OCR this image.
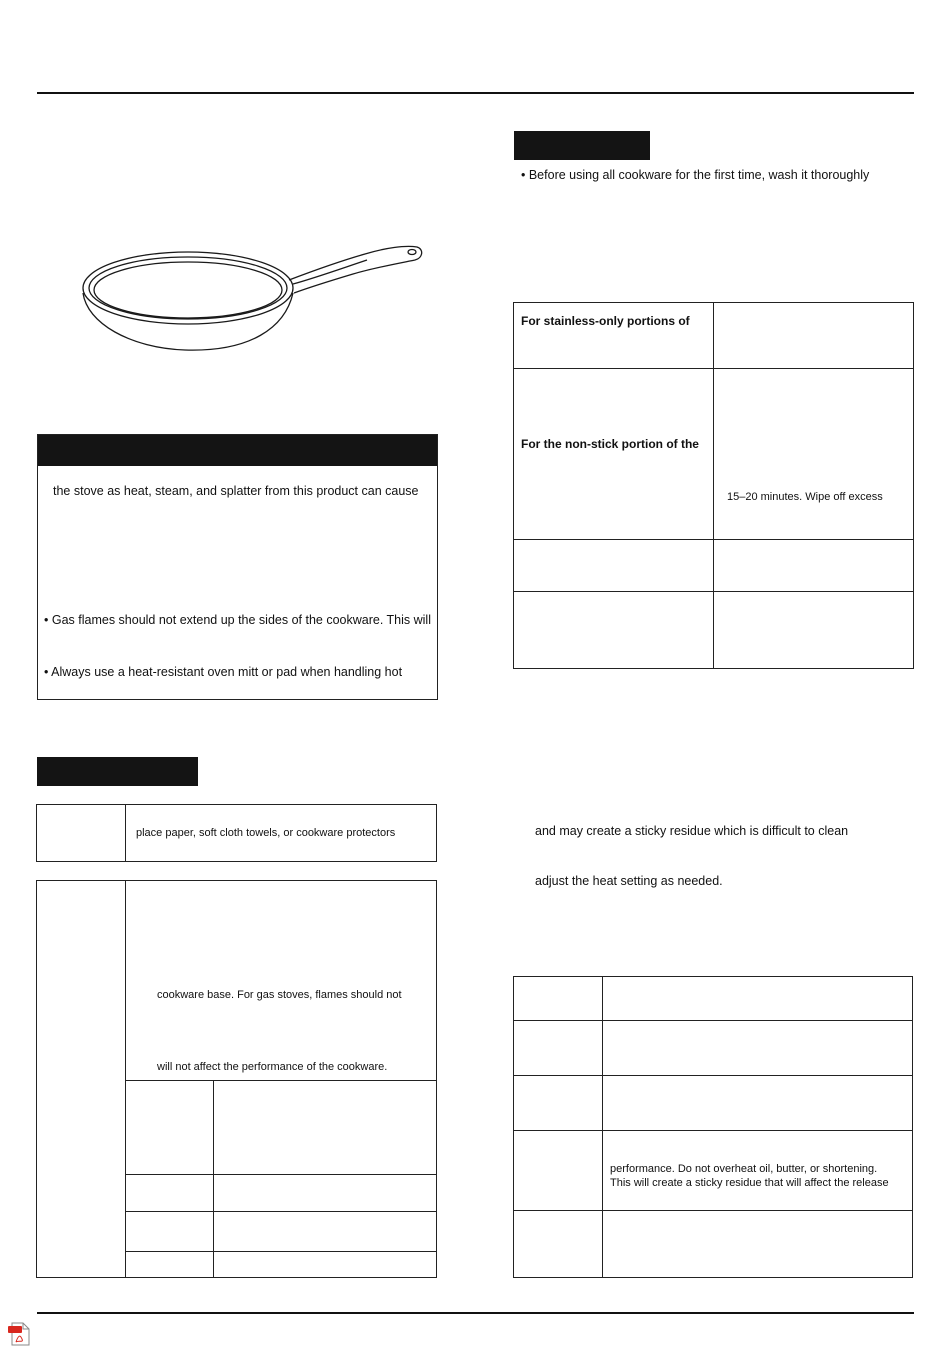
the stove as heat, steam, and splatter from this product can cause
• Gas flames should not extend up the sides of the cookware. This will
• Always use a heat-resistant oven mitt or pad when handling hot
place paper, soft cloth towels, or cookware protectors
cookware base. For gas stoves, flames should not
will not affect the performance of the cookware.
• Before using all cookware for the first time, wash it thoroughly
For stainless-only portions of
For the non-stick portion of the
15–20 minutes. Wipe off excess
and may create a sticky residue which is difficult to clean
adjust the heat setting as needed.
performance. Do not overheat oil, butter, or shortening.
This will create a sticky residue that will affect the release
